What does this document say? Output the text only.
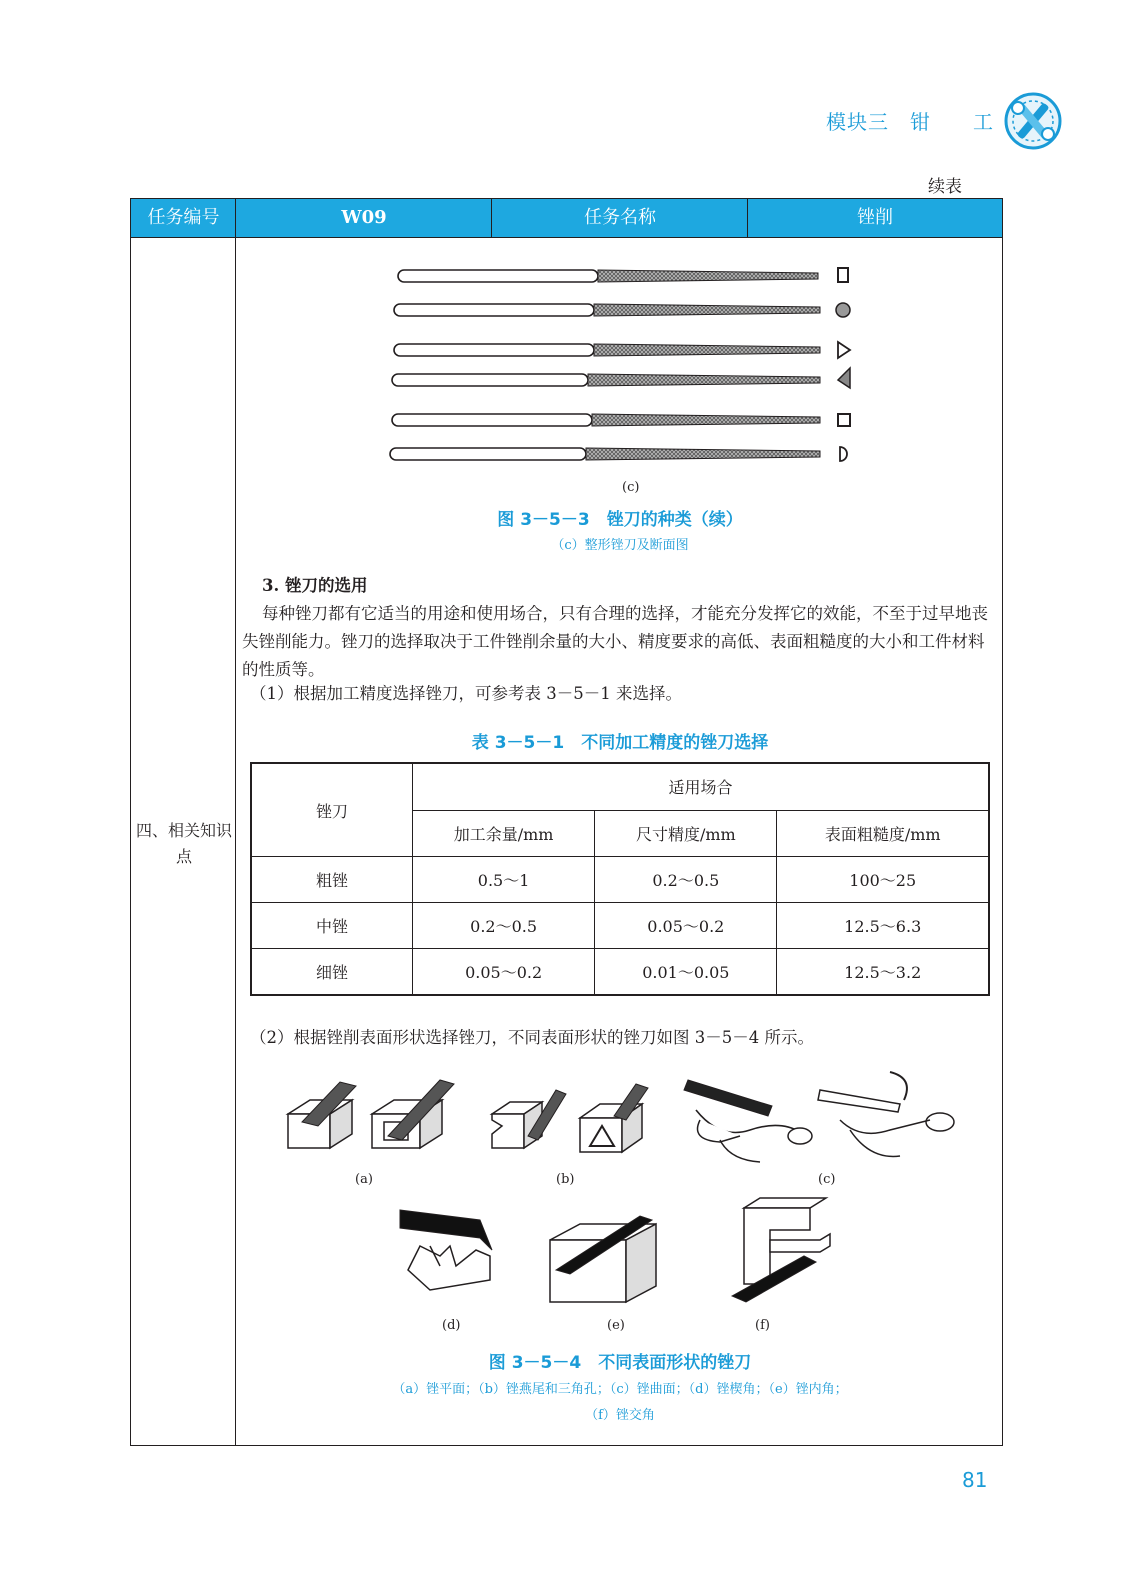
模块三　钳　　工
续表
任务编号	W09	任务名称	锉削
四、相关知识点
(c)
图 3－5－3　锉刀的种类（续）
（c）整形锉刀及断面图
3. 锉刀的选用
每种锉刀都有它适当的用途和使用场合，只有合理的选择，才能充分发挥它的效能，不至于过早地丧失锉削能力。锉刀的选择取决于工件锉削余量的大小、精度要求的高低、表面粗糙度的大小和工件材料的性质等。
（1）根据加工精度选择锉刀，可参考表 3－5－1 来选择。
表 3－5－1　不同加工精度的锉刀选择
锉刀	适用场合		
	加工余量/mm	尺寸精度/mm	表面粗糙度/mm
粗锉	0.5～1	0.2～0.5	100～25
中锉	0.2～0.5	0.05～0.2	12.5～6.3
细锉	0.05～0.2	0.01～0.05	12.5～3.2
（2）根据锉削表面形状选择锉刀，不同表面形状的锉刀如图 3－5－4 所示。
(a)	(b)	(c)
(d)	(e)	(f)
图 3－5－4　不同表面形状的锉刀
（a）锉平面；（b）锉燕尾和三角孔；（c）锉曲面；（d）锉楔角；（e）锉内角；
（f）锉交角
81
